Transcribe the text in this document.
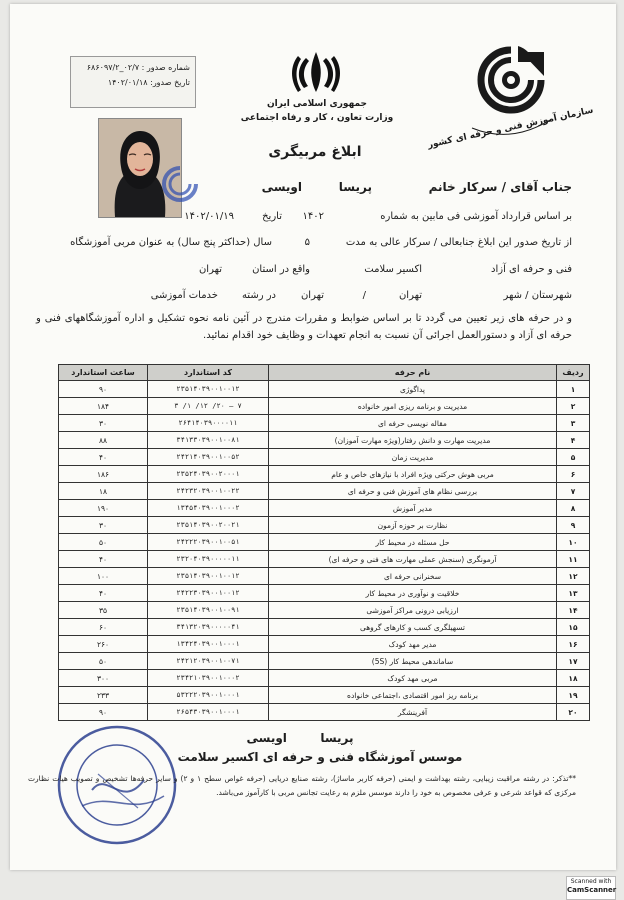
شماره صدور : ۰۲/۷_۶۸۶۰۹۷/۲
تاریخ صدور: ۱۴۰۲/۰۱/۱۸
جمهوری اسلامی ایران
وزارت تعاون ، کار و رفاه اجتماعی	سازمان آموزش فنی و حرفه ای کشور
ابلاغ مربیگری
جناب آقای / سرکار خانم
پریسا
اویسی
بر اساس قرارداد آموزشی فی مابین به شماره
۱۴۰۲
تاریخ
۱۴۰۲/۰۱/۱۹
از تاریخ صدور این ابلاغ جنابعالی / سرکار عالی به مدت
۵
سال (حداکثر پنج سال) به عنوان مربی آموزشگاه
فنی و حرفه ای آزاد
اکسیر سلامت
واقع در استان
تهران
شهرستان / شهر
تهران
/
تهران
در رشته
خدمات آموزشی
و در حرفه های زیر تعیین می گردد تا بر اساس ضوابط و مقررات مندرج در آئین نامه نحوه تشکیل و اداره آموزشگاههای فنی و حرفه ای آزاد و دستورالعمل اجرائی آن نسبت به انجام تعهدات و وظایف خود اقدام نمائید.
ردیف	نام حرفه	کد استاندارد	ساعت استاندارد
۱	پداگوژی	۲۳۵۱۴۰۳۹۰۰۱۰۰۱۲	۹۰
۲	مدیریت و برنامه ریزی امور خانواده	۷ – ۲۰/ ۱۲/ ۱/ ۳	۱۸۴
۳	مقاله نویسی حرفه ای	۲۶۴۱۴۰۳۹۰۰۰۰۱۱	۳۰
۴	مدیریت مهارت و دانش رفتار(ویژه مهارت آموزان)	۳۴۱۳۳۰۳۹۰۰۱۰۰۸۱	۸۸
۵	مدیریت زمان	۲۴۲۱۴۰۳۹۰۰۱۰۰۵۲	۴۰
۶	مربی هوش حرکتی ویژه افراد با نیازهای خاص و عام	۲۳۵۲۴۰۳۹۰۰۲۰۰۰۱	۱۸۶
۷	بررسی نظام های آموزش فنی و حرفه ای	۲۴۲۳۲۰۳۹۰۰۱۰۰۲۲	۱۸
۸	مدیر آموزش	۱۳۴۵۴۰۳۹۰۰۱۰۰۰۲	۱۹۰
۹	نظارت بر حوزه آزمون	۲۳۵۱۴۰۳۹۰۰۲۰۰۲۱	۳۰
۱۰	حل مسئله در محیط کار	۲۴۲۲۲۰۳۹۰۰۱۰۰۵۱	۵۰
۱۱	آرمونگری (سنجش عملی مهارت های فنی و حرفه ای)	۲۳۲۰۴۰۳۹۰۰۰۰۰۱۱	۴۰
۱۲	سخنرانی حرفه ای	۲۳۵۱۴۰۳۹۰۰۱۰۰۱۲	۱۰۰
۱۳	خلاقیت و نوآوری در محیط کار	۲۴۲۲۳۰۳۹۰۰۱۰۰۱۲	۴۰
۱۴	ارزیابی درونی مراکز آموزشی	۲۳۵۱۴۰۳۹۰۰۱۰۰۹۱	۳۵
۱۵	تسهیلگری کسب و کارهای گروهی	۳۴۱۳۲۰۳۹۰۰۰۰۰۴۱	۶۰
۱۶	مدیر مهد کودک	۱۳۴۲۴۰۳۹۰۰۱۰۰۰۱	۲۶۰
۱۷	ساماندهی محیط کار (5S)	۲۴۲۱۲۰۳۹۰۰۱۰۰۷۱	۵۰
۱۸	مربی مهد کودک	۲۳۴۲۱۰۳۹۰۰۱۰۰۰۲	۳۰۰
۱۹	برنامه ریز امور اقتصادی ،اجتماعی خانواده	۵۳۲۲۲۰۳۹۰۰۱۰۰۰۱	۲۳۳
۲۰	آفرینشگر	۲۶۵۴۳۰۳۹۰۰۱۰۰۰۱	۹۰
پریسا        اویسی
موسس آموزشگاه فنی و حرفه ای اکسیر سلامت
**تذکر: در رشته مراقبت زیبایی، رشته بهداشت و ایمنی (حرفه کاربر ماساژ)، رشته صنایع دریایی (حرفه غواص سطح ۱ و ۲) و سایر حرفه‌ها تشخیص و تصویب هیات نظارت مرکزی که قواعد شرعی و عرفی مخصوص به خود را دارند موسس ملزم به رعایت تجانس مربی با کارآموز می‌باشد.
Scanned with
CamScanner
